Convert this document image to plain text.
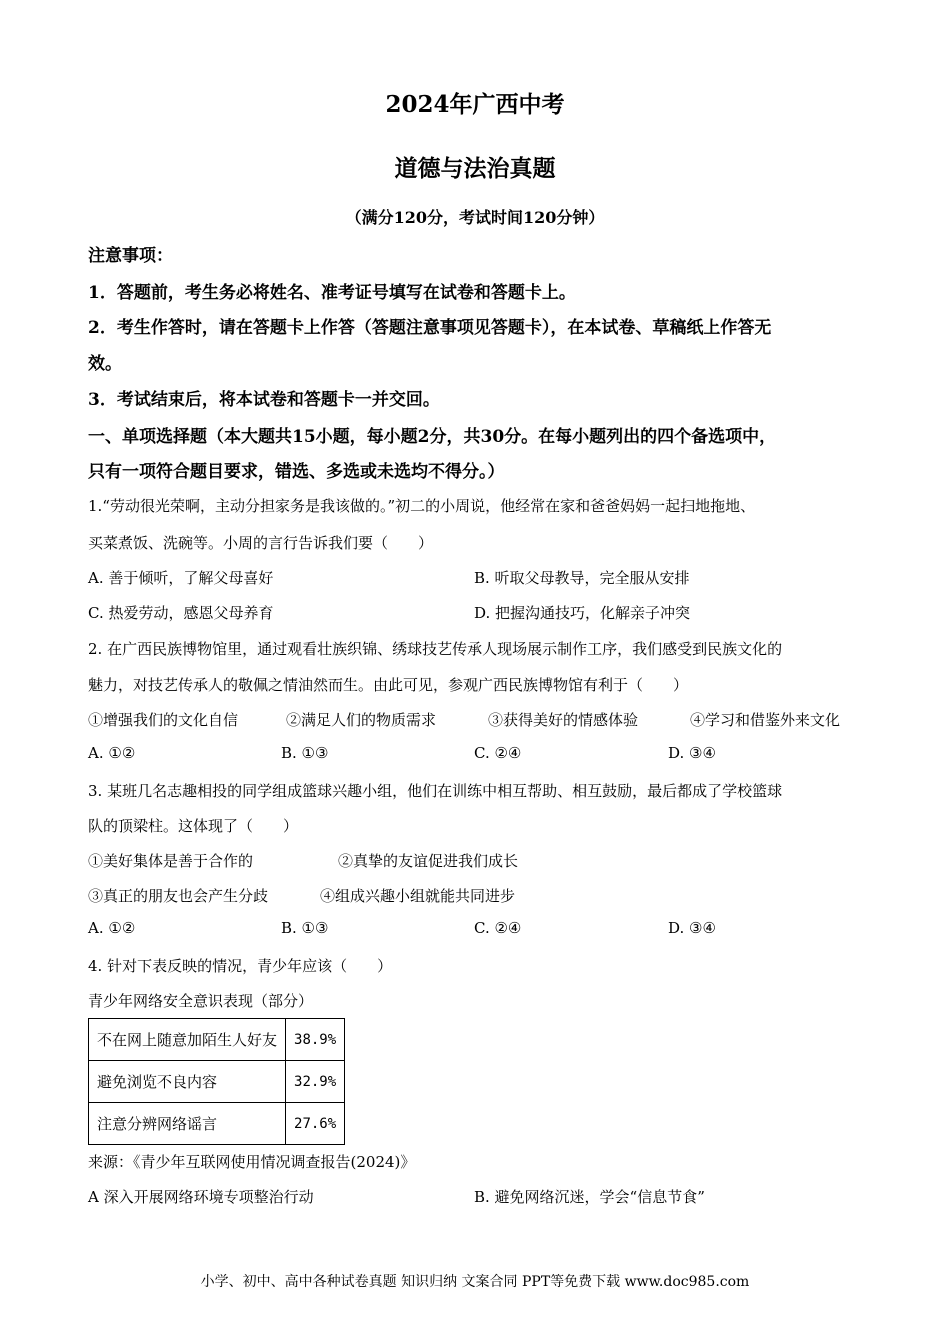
2024年广西中考
道德与法治真题
（满分120分，考试时间120分钟）
注意事项：
1．答题前，考生务必将姓名、准考证号填写在试卷和答题卡上。
2．考生作答时，请在答题卡上作答（答题注意事项见答题卡），在本试卷、草稿纸上作答无
效。
3．考试结束后，将本试卷和答题卡一并交回。
一、单项选择题（本大题共15小题，每小题2分，共30分。在每小题列出的四个备选项中，
只有一项符合题目要求，错选、多选或未选均不得分。）
1.“劳动很光荣啊，主动分担家务是我该做的。”初二的小周说，他经常在家和爸爸妈妈一起扫地拖地、
买菜煮饭、洗碗等。小周的言行告诉我们要（　　）
A. 善于倾听，了解父母喜好	B. 听取父母教导，完全服从安排
C. 热爱劳动，感恩父母养育	D. 把握沟通技巧，化解亲子冲突
2. 在广西民族博物馆里，通过观看壮族织锦、绣球技艺传承人现场展示制作工序，我们感受到民族文化的
魅力，对技艺传承人的敬佩之情油然而生。由此可见，参观广西民族博物馆有利于（　　）
①增强我们的文化自信	②满足人们的物质需求	③获得美好的情感体验	④学习和借鉴外来文化
A. ①②	B. ①③	C. ②④	D. ③④
3. 某班几名志趣相投的同学组成篮球兴趣小组，他们在训练中相互帮助、相互鼓励，最后都成了学校篮球
队的顶梁柱。这体现了（　　）
①美好集体是善于合作的	②真挚的友谊促进我们成长
③真正的朋友也会产生分歧	④组成兴趣小组就能共同进步
A. ①②	B. ①③	C. ②④	D. ③④
4. 针对下表反映的情况，青少年应该（　　）
青少年网络安全意识表现（部分）
不在网上随意加陌生人好友	38.9%
避免浏览不良内容	32.9%
注意分辨网络谣言	27.6%
来源：《青少年互联网使用情况调查报告(2024)》
A 深入开展网络环境专项整治行动	B. 避免网络沉迷，学会“信息节食”
小学、初中、高中各种试卷真题 知识归纳 文案合同 PPT等免费下载 www.doc985.com
